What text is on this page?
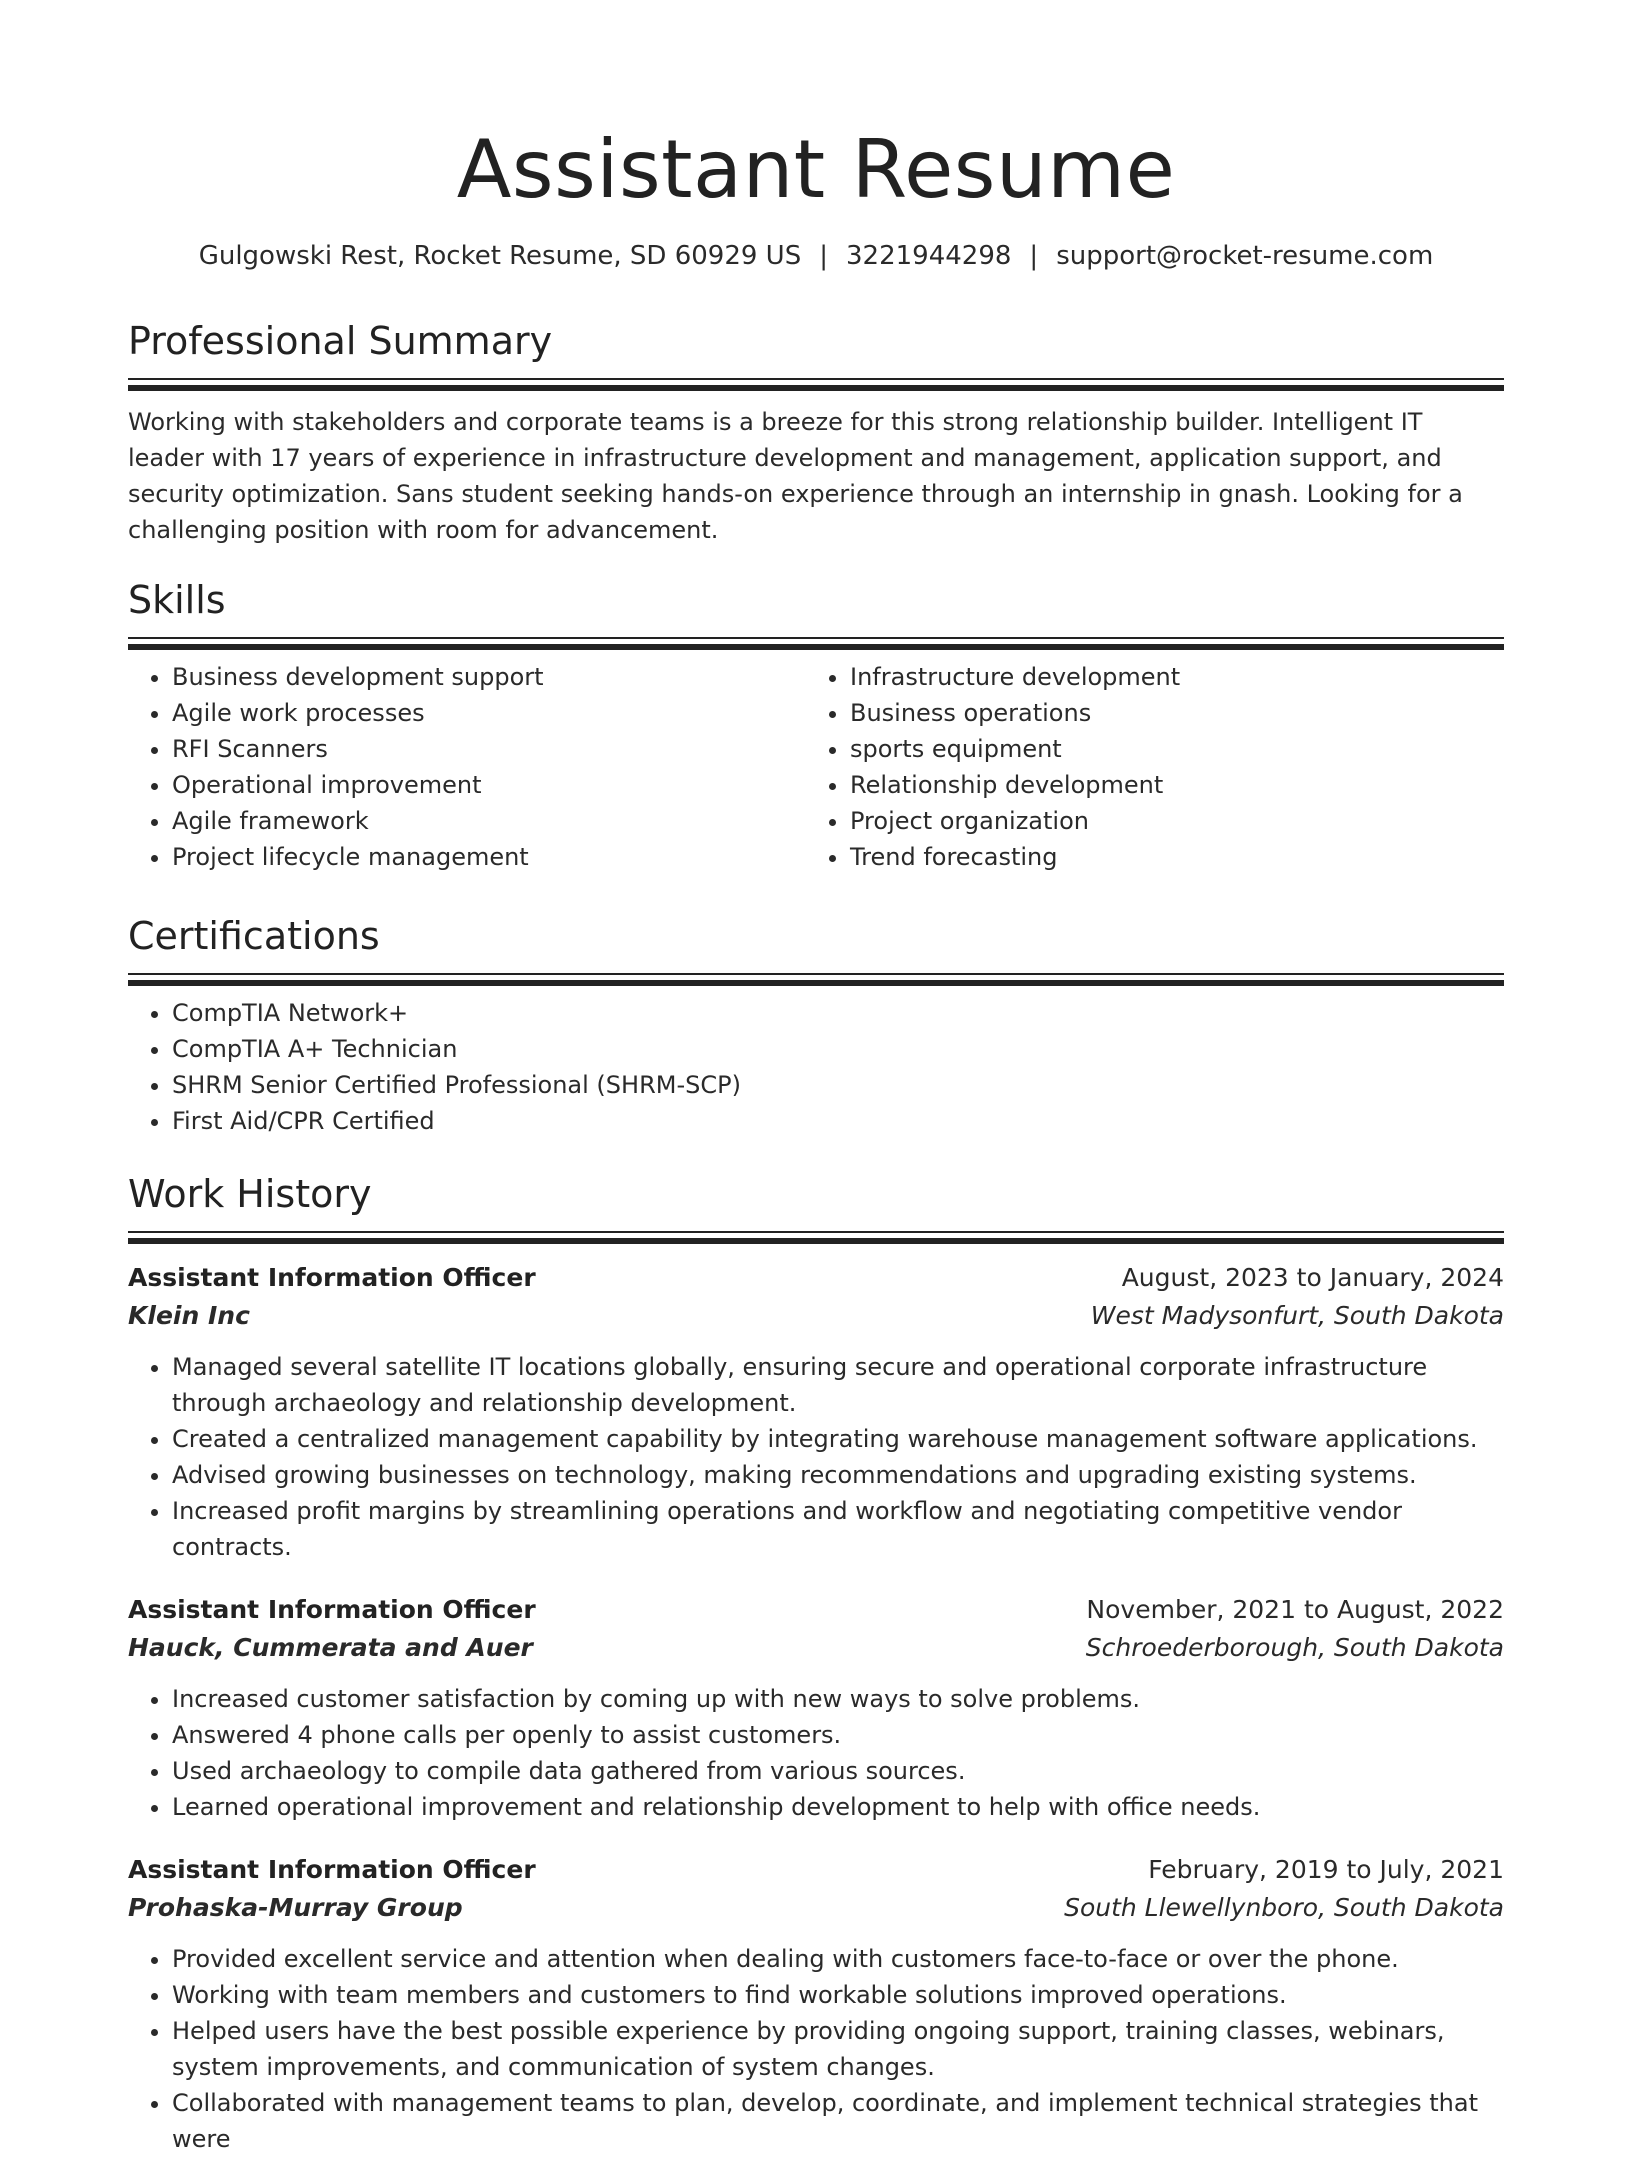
Assistant Resume
Gulgowski Rest, Rocket Resume, SD 60929 US | 3221944298 | support@rocket-resume.com
Professional Summary

Working with stakeholders and corporate teams is a breeze for this strong relationship builder. Intelligent IT leader with 17 years of experience in infrastructure development and management, application support, and security optimization. Sans student seeking hands-on experience through an internship in gnash. Looking for a challenging position with room for advancement.

Skills
• Business development support
• Agile work processes
• RFI Scanners
• Operational improvement
• Agile framework
• Project lifecycle management
• Infrastructure development
• Business operations
• sports equipment
• Relationship development
• Project organization
• Trend forecasting
Certifications
• CompTIA Network+
• CompTIA A+ Technician
• SHRM Senior Certified Professional (SHRM-SCP)
• First Aid/CPR Certified
Work History
Assistant Information Officer	August, 2023 to January, 2024
Klein Inc	West Madysonfurt, South Dakota
• Managed several satellite IT locations globally, ensuring secure and operational corporate infrastructure through archaeology and relationship development.
• Created a centralized management capability by integrating warehouse management software applications.
• Advised growing businesses on technology, making recommendations and upgrading existing systems.
• Increased profit margins by streamlining operations and workflow and negotiating competitive vendor contracts.
Assistant Information Officer	November, 2021 to August, 2022
Hauck, Cummerata and Auer	Schroederborough, South Dakota
• Increased customer satisfaction by coming up with new ways to solve problems.
• Answered 4 phone calls per openly to assist customers.
• Used archaeology to compile data gathered from various sources.
• Learned operational improvement and relationship development to help with office needs.
Assistant Information Officer	February, 2019 to July, 2021
Prohaska-Murray Group	South Llewellynboro, South Dakota
• Provided excellent service and attention when dealing with customers face-to-face or over the phone.
• Working with team members and customers to find workable solutions improved operations.
• Helped users have the best possible experience by providing ongoing support, training classes, webinars, system improvements, and communication of system changes.
• Collaborated with management teams to plan, develop, coordinate, and implement technical strategies that were
